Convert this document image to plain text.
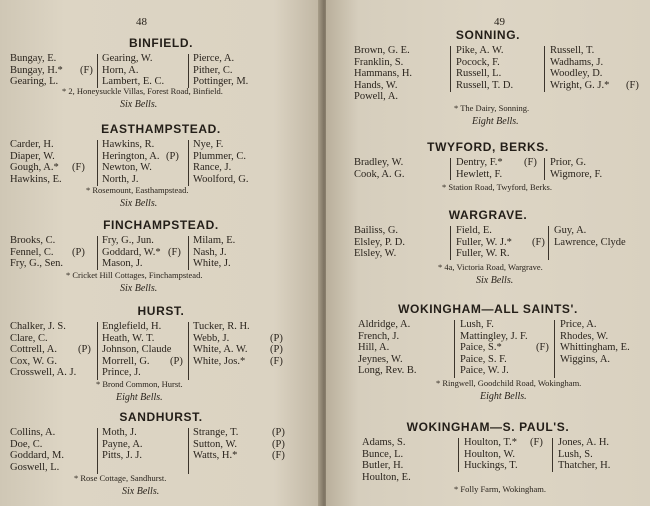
48
BINFIELD.
Bungay, E.
Bungay, H.*
Gearing, L.
(F)
Gearing, W.
Horn, A.
Lambert, E. C.
Pierce, A.
Pither, C.
Pottinger, M.
* 2, Honeysuckle Villas, Forest Road, Binfield.
Six Bells.
EASTHAMPSTEAD.
Carder, H.
Diaper, W.
Gough, A.*
Hawkins, E.
(F)
Hawkins, R.
Herington, A.
Newton, W.
North, J.
(P)
Nye, F.
Plummer, C.
Rance, J.
Woolford, G.
* Rosemount, Easthampstead.
Six Bells.
FINCHAMPSTEAD.
Brooks, C.
Fennel, C.
Fry, G., Sen.
(P)
Fry, G., Jun.
Goddard, W.*
Mason, J.
(F)
Milam, E.
Nash, J.
White, J.
* Cricket Hill Cottages, Finchampstead.
Six Bells.
HURST.
Chalker, J. S.
Clare, C.
Cottrell, A.
Cox, W. G.
Crosswell, A. J.
(P)
Englefield, H.
Heath, W. T.
Johnson, Claude
Morrell, G.
Prince, J.
(P)
Tucker, R. H.
Webb, J.
White, A. W.
White, Jos.*
(P)
(P)
(F)
* Brond Common, Hurst.
Eight Bells.
SANDHURST.
Collins, A.
Doe, C.
Goddard, M.
Goswell, L.
Moth, J.
Payne, A.
Pitts, J. J.
Strange, T.
Sutton, W.
Watts, H.*
(P)
(P)
(F)
* Rose Cottage, Sandhurst.
Six Bells.
49
SONNING.
Brown, G. E.
Franklin, S.
Hammans, H.
Hands, W.
Powell, A.
Pike, A. W.
Pocock, F.
Russell, L.
Russell, T. D.
Russell, T.
Wadhams, J.
Woodley, D.
Wright, G. J.* (F)
* The Dairy, Sonning.
Eight Bells.
TWYFORD, BERKS.
Bradley, W.
Cook, A. G.
Dentry, F.*
Hewlett, F.
(F) Prior, G.
Wigmore, F.
* Station Road, Twyford, Berks.
WARGRAVE.
Bailiss, G.
Elsley, P. D.
Elsley, W.
Field, E.
Fuller, W. J.*
Fuller, W. R.
(F)
Guy, A.
Lawrence, Clyde
* 4a, Victoria Road, Wargrave.
Six Bells.
WOKINGHAM—ALL SAINTS'.
Aldridge, A.
French, J.
Hill, A.
Jeynes, W.
Long, Rev. B.
Lush, F.
Mattingley, J. F.
Paice, S.*
Paice, S. F.
Paice, W. J.
(F)
Price, A.
Rhodes, W.
Whittingham, E.
Wiggins, A.
* Ringwell, Goodchild Road, Wokingham.
Eight Bells.
WOKINGHAM—S. PAUL'S.
Adams, S.
Bunce, L.
Butler, H.
Houlton, E.
Houlton, T.*
Houlton, W.
Huckings, T.
(F) Jones, A. H.
Lush, S.
Thatcher, H.
* Folly Farm, Wokingham.
